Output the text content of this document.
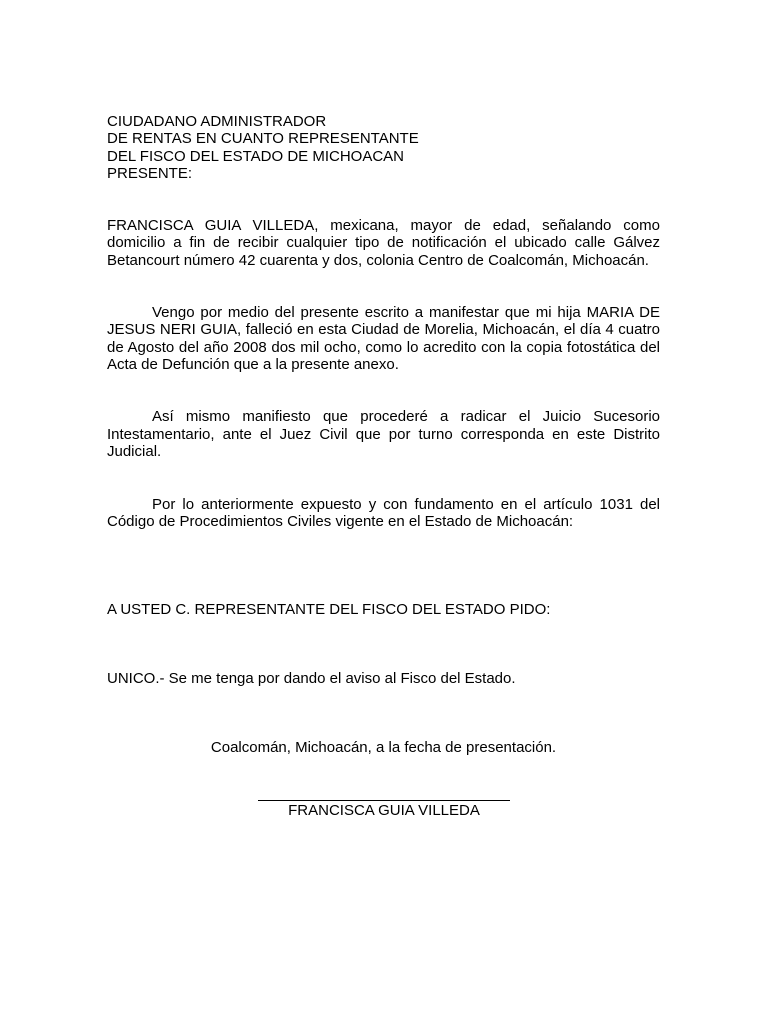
CIUDADANO ADMINISTRADOR
DE RENTAS EN CUANTO REPRESENTANTE
DEL FISCO DEL ESTADO DE MICHOACAN
PRESENTE:

FRANCISCA GUIA VILLEDA, mexicana, mayor de edad, señalando como domicilio a fin de recibir cualquier tipo de notificación el ubicado calle Gálvez Betancourt número 42 cuarenta y dos, colonia Centro de Coalcomán, Michoacán.

Vengo por medio del presente escrito a manifestar que mi hija MARIA DE JESUS NERI GUIA, falleció en esta Ciudad de Morelia, Michoacán, el día 4 cuatro de Agosto del año 2008 dos mil ocho, como lo acredito con la copia fotostática del Acta de Defunción que a la presente anexo.

Así mismo manifiesto que procederé a radicar el Juicio Sucesorio Intestamentario, ante el Juez Civil que por turno corresponda en este Distrito Judicial.

Por lo anteriormente expuesto y con fundamento en el artículo 1031 del Código de Procedimientos Civiles vigente en el Estado de Michoacán:

A USTED C. REPRESENTANTE DEL FISCO DEL ESTADO PIDO:

UNICO.- Se me tenga por dando el aviso al Fisco del Estado.

Coalcomán, Michoacán, a la fecha de presentación.
FRANCISCA GUIA VILLEDA
